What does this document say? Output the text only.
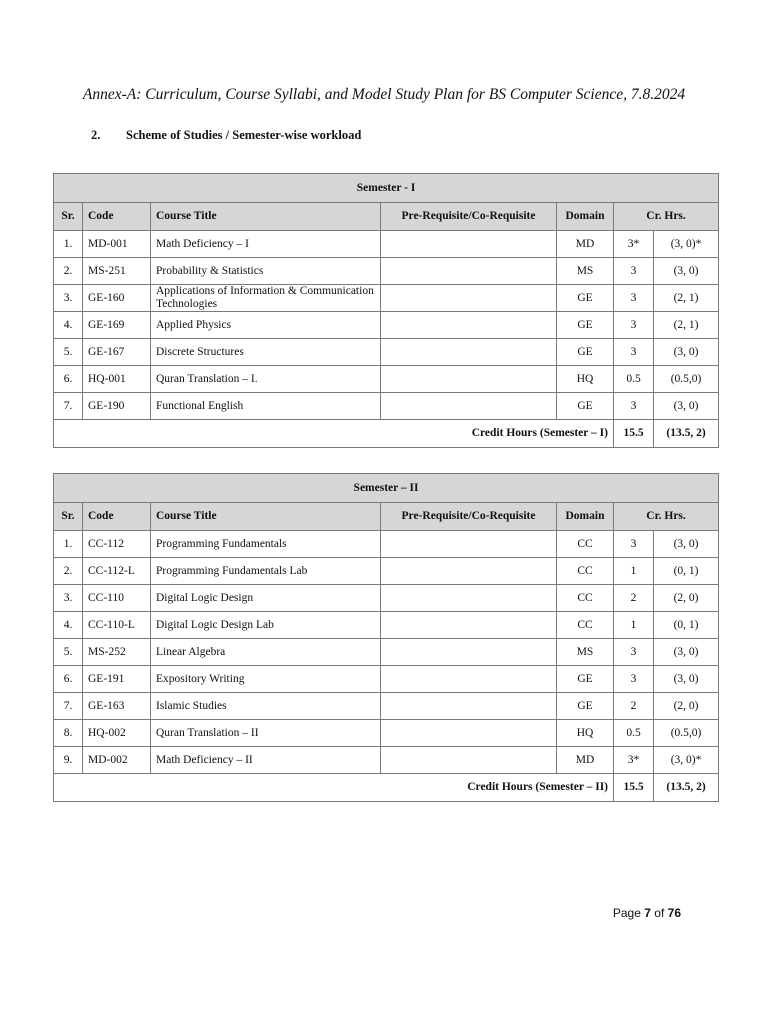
Annex-A: Curriculum, Course Syllabi, and Model Study Plan for BS Computer Science, 7.8.2024
2. Scheme of Studies / Semester-wise workload
Semester - I						
Sr.	Code	Course Title	Pre-Requisite/Co-Requisite	Domain	Cr. Hrs.	
1.	MD-001	Math Deficiency – I		MD	3*	(3, 0)*
2.	MS-251	Probability & Statistics		MS	3	(3, 0)
3.	GE-160	Applications of Information & Communication Technologies		GE	3	(2, 1)
4.	GE-169	Applied Physics		GE	3	(2, 1)
5.	GE-167	Discrete Structures		GE	3	(3, 0)
6.	HQ-001	Quran Translation – I.		HQ	0.5	(0.5,0)
7.	GE-190	Functional English		GE	3	(3, 0)
Credit Hours (Semester – I)					15.5	(13.5, 2)
Semester – II						
Sr.	Code	Course Title	Pre-Requisite/Co-Requisite	Domain	Cr. Hrs.	
1.	CC-112	Programming Fundamentals		CC	3	(3, 0)
2.	CC-112-L	Programming Fundamentals Lab		CC	1	(0, 1)
3.	CC-110	Digital Logic Design		CC	2	(2, 0)
4.	CC-110-L	Digital Logic Design Lab		CC	1	(0, 1)
5.	MS-252	Linear Algebra		MS	3	(3, 0)
6.	GE-191	Expository Writing		GE	3	(3, 0)
7.	GE-163	Islamic Studies		GE	2	(2, 0)
8.	HQ-002	Quran Translation – II		HQ	0.5	(0.5,0)
9.	MD-002	Math Deficiency – II		MD	3*	(3, 0)*
Credit Hours (Semester – II)					15.5	(13.5, 2)
Page 7 of 76
